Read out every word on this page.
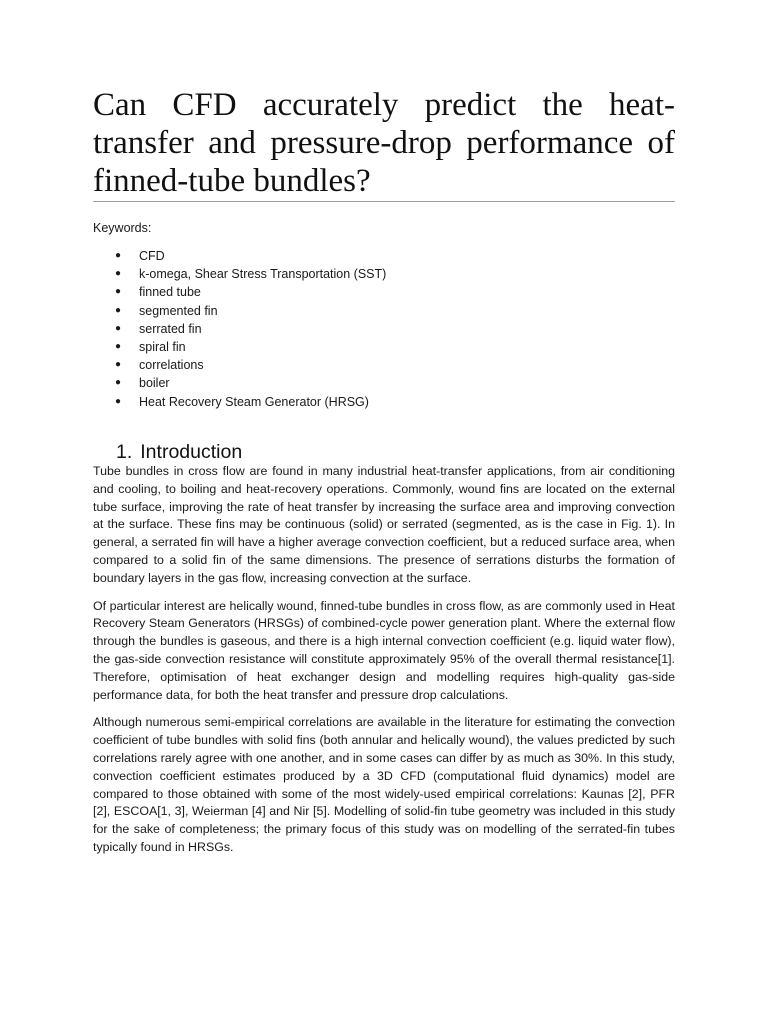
Can CFD accurately predict the heat-transfer and pressure-drop performance of finned-tube bundles?

Keywords:

●	CFD
●	k-omega, Shear Stress Transportation (SST)
●	finned tube
●	segmented fin
●	serrated fin
●	spiral fin
●	correlations
●	boiler
●	Heat Recovery Steam Generator (HRSG)
1. Introduction

Tube bundles in cross flow are found in many industrial heat-transfer applications, from air conditioning and cooling, to boiling and heat-recovery operations. Commonly, wound fins are located on the external tube surface, improving the rate of heat transfer by increasing the surface area and improving convection at the surface. These fins may be continuous (solid) or serrated (segmented, as is the case in Fig. 1). In general, a serrated fin will have a higher average convection coefficient, but a reduced surface area, when compared to a solid fin of the same dimensions. The presence of serrations disturbs the formation of boundary layers in the gas flow, increasing convection at the surface.

Of particular interest are helically wound, finned-tube bundles in cross flow, as are commonly used in Heat Recovery Steam Generators (HRSGs) of combined-cycle power generation plant. Where the external flow through the bundles is gaseous, and there is a high internal convection coefficient (e.g. liquid water flow), the gas-side convection resistance will constitute approximately 95% of the overall thermal resistance[1]. Therefore, optimisation of heat exchanger design and modelling requires high-quality gas-side performance data, for both the heat transfer and pressure drop calculations.

Although numerous semi-empirical correlations are available in the literature for estimating the convection coefficient of tube bundles with solid fins (both annular and helically wound), the values predicted by such correlations rarely agree with one another, and in some cases can differ by as much as 30%. In this study, convection coefficient estimates produced by a 3D CFD (computational fluid dynamics) model are compared to those obtained with some of the most widely-used empirical correlations: Kaunas [2], PFR [2], ESCOA[1, 3], Weierman [4] and Nir [5]. Modelling of solid-fin tube geometry was included in this study for the sake of completeness; the primary focus of this study was on modelling of the serrated-fin tubes typically found in HRSGs.
